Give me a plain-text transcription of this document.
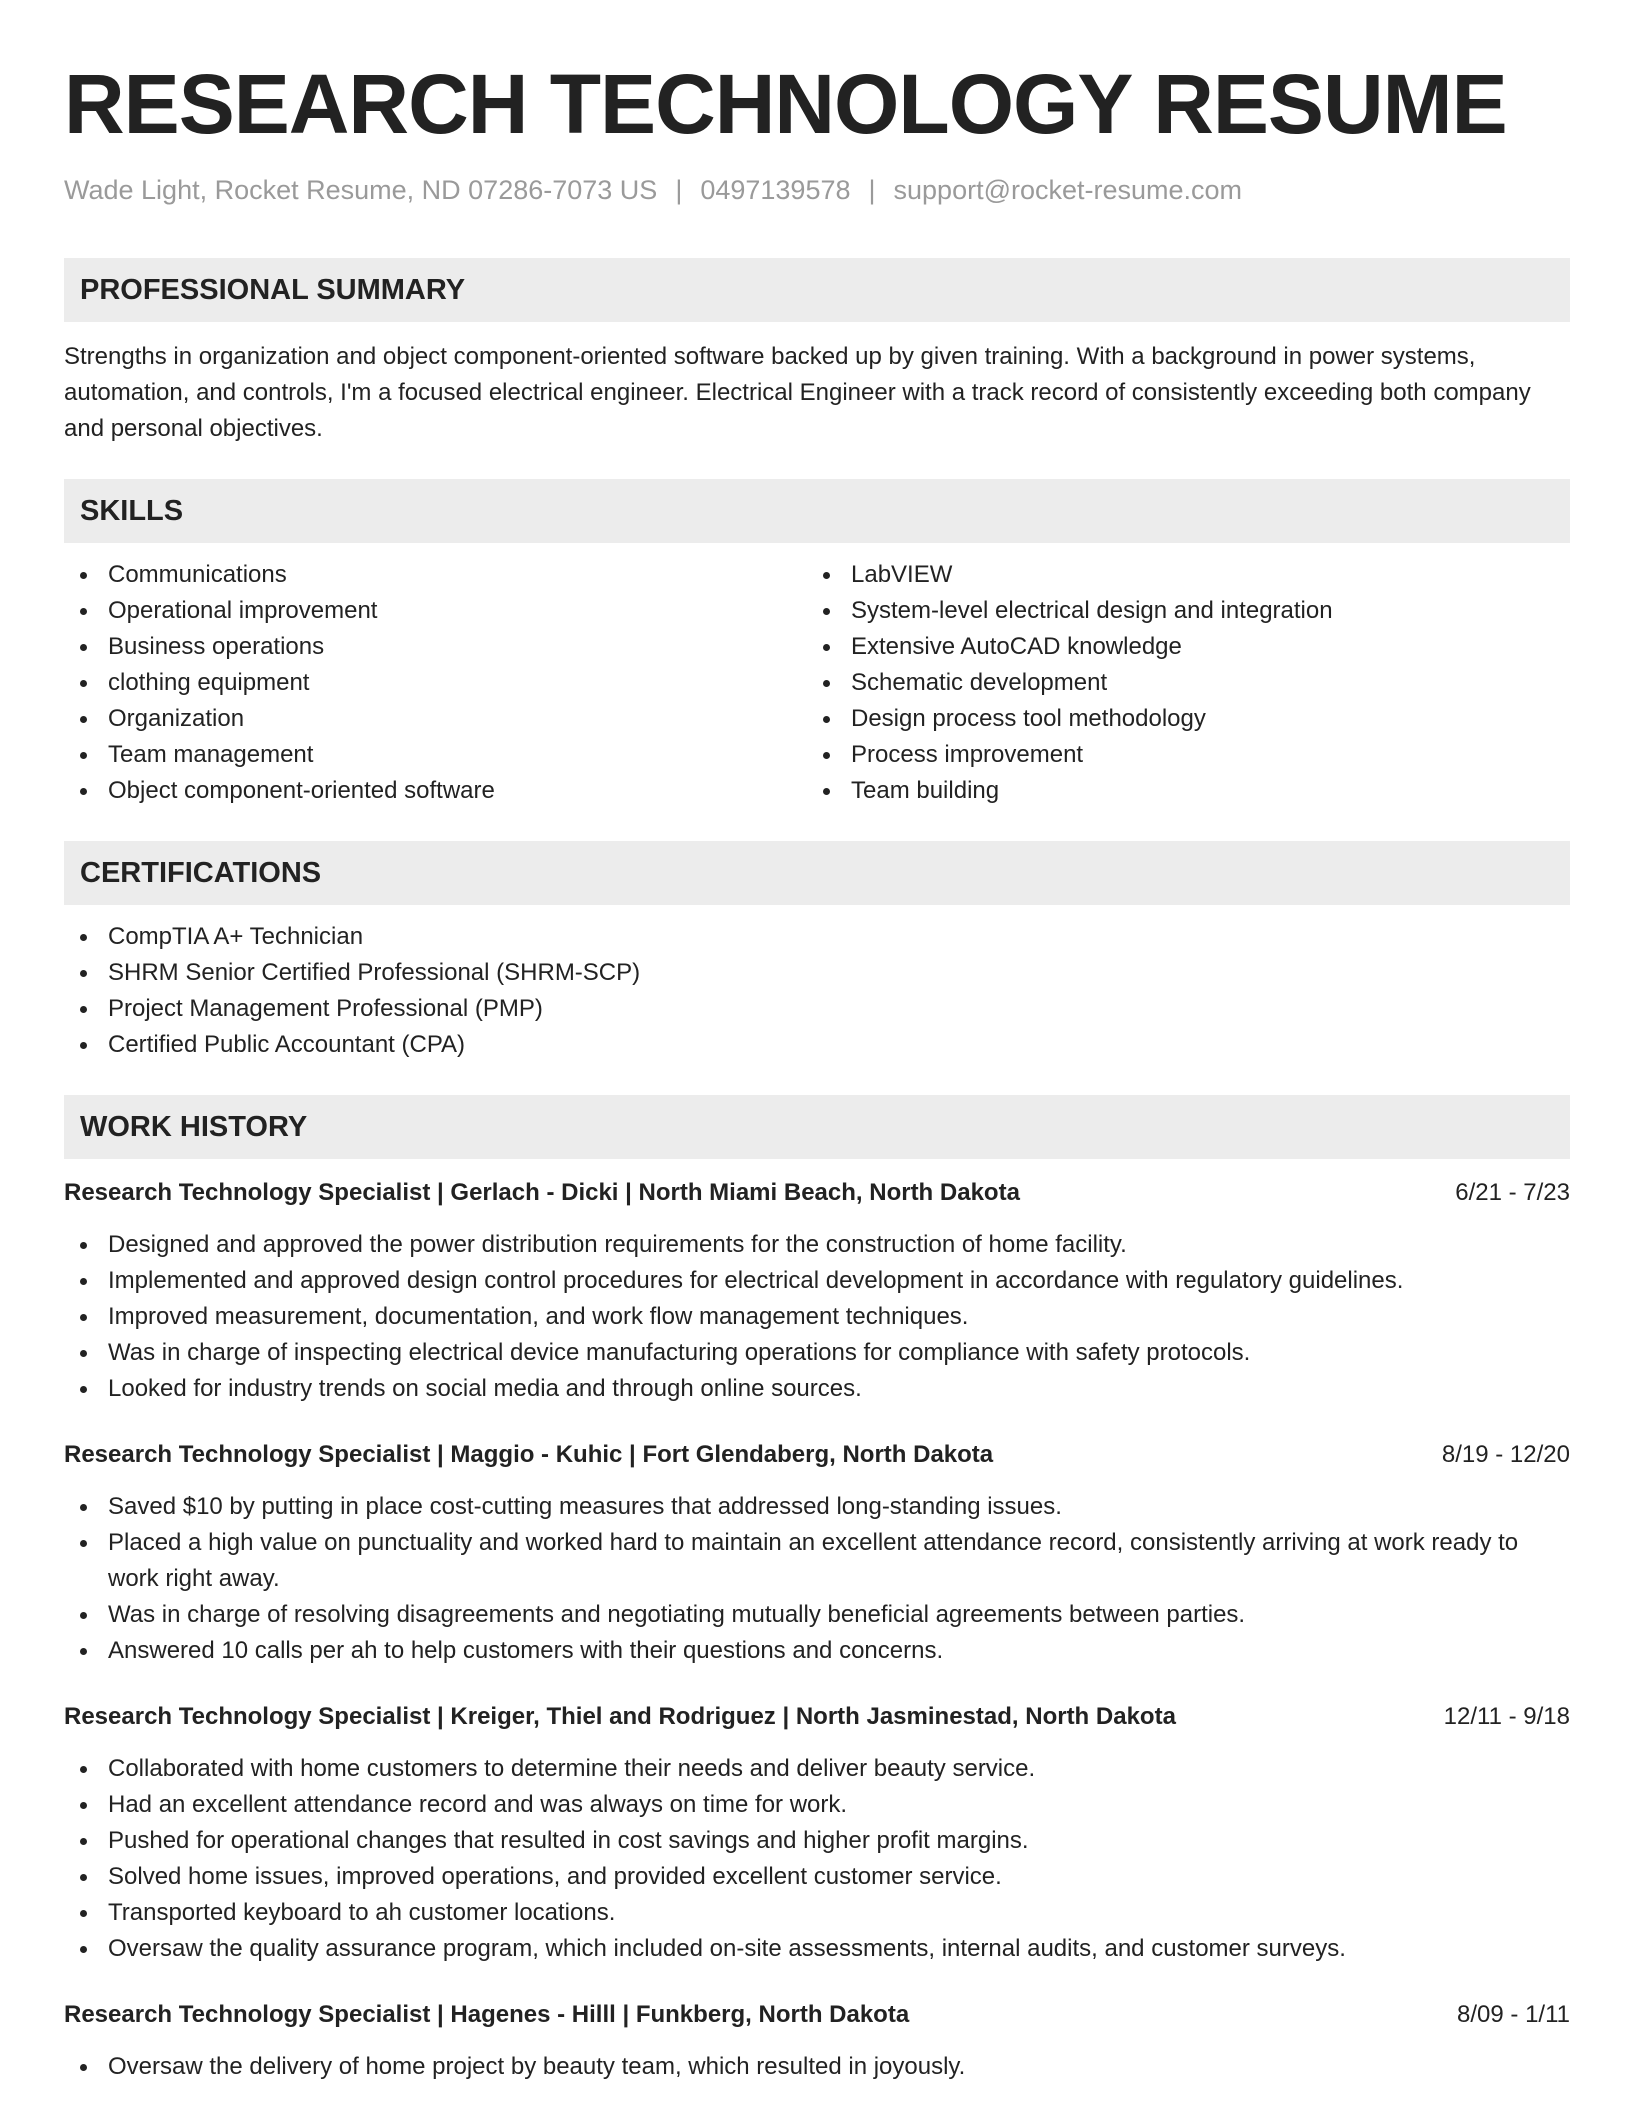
RESEARCH TECHNOLOGY RESUME
Wade Light, Rocket Resume, ND 07286-7073 US | 0497139578 | support@rocket-resume.com
PROFESSIONAL SUMMARY
Strengths in organization and object component-oriented software backed up by given training. With a background in power systems, automation, and controls, I'm a focused electrical engineer. Electrical Engineer with a track record of consistently exceeding both company and personal objectives.
SKILLS
Communications
Operational improvement
Business operations
clothing equipment
Organization
Team management
Object component-oriented software
LabVIEW
System-level electrical design and integration
Extensive AutoCAD knowledge
Schematic development
Design process tool methodology
Process improvement
Team building
CERTIFICATIONS
CompTIA A+ Technician
SHRM Senior Certified Professional (SHRM-SCP)
Project Management Professional (PMP)
Certified Public Accountant (CPA)
WORK HISTORY
Research Technology Specialist | Gerlach - Dicki | North Miami Beach, North Dakota	6/21 - 7/23
Designed and approved the power distribution requirements for the construction of home facility.
Implemented and approved design control procedures for electrical development in accordance with regulatory guidelines.
Improved measurement, documentation, and work flow management techniques.
Was in charge of inspecting electrical device manufacturing operations for compliance with safety protocols.
Looked for industry trends on social media and through online sources.
Research Technology Specialist | Maggio - Kuhic | Fort Glendaberg, North Dakota	8/19 - 12/20
Saved $10 by putting in place cost-cutting measures that addressed long-standing issues.
Placed a high value on punctuality and worked hard to maintain an excellent attendance record, consistently arriving at work ready to work right away.
Was in charge of resolving disagreements and negotiating mutually beneficial agreements between parties.
Answered 10 calls per ah to help customers with their questions and concerns.
Research Technology Specialist | Kreiger, Thiel and Rodriguez | North Jasminestad, North Dakota	12/11 - 9/18
Collaborated with home customers to determine their needs and deliver beauty service.
Had an excellent attendance record and was always on time for work.
Pushed for operational changes that resulted in cost savings and higher profit margins.
Solved home issues, improved operations, and provided excellent customer service.
Transported keyboard to ah customer locations.
Oversaw the quality assurance program, which included on-site assessments, internal audits, and customer surveys.
Research Technology Specialist | Hagenes - Hilll | Funkberg, North Dakota	8/09 - 1/11
Oversaw the delivery of home project by beauty team, which resulted in joyously.
